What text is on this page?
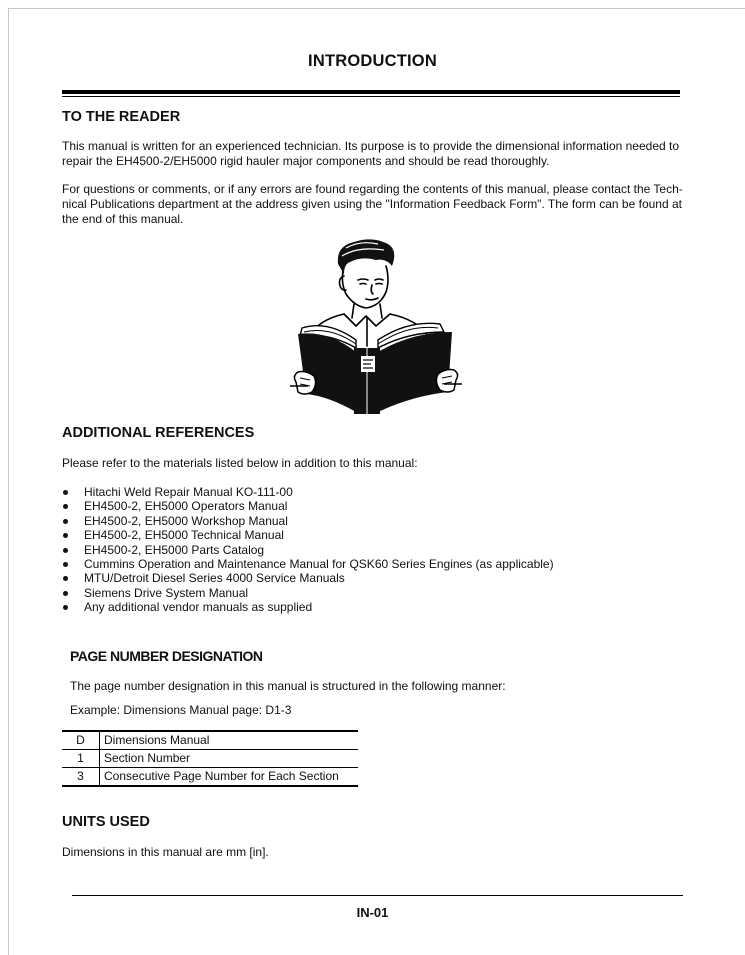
INTRODUCTION
TO THE READER
This manual is written for an experienced technician. Its purpose is to provide the dimensional information needed to
repair the EH4500-2/EH5000 rigid hauler major components and should be read thoroughly.
For questions or comments, or if any errors are found regarding the contents of this manual, please contact the Tech-
nical Publications department at the address given using the "Information Feedback Form". The form can be found at
the end of this manual.
ADDITIONAL REFERENCES
Please refer to the materials listed below in addition to this manual:
Hitachi Weld Repair Manual KO-111-00
EH4500-2, EH5000 Operators Manual
EH4500-2, EH5000 Workshop Manual
EH4500-2, EH5000 Technical Manual
EH4500-2, EH5000 Parts Catalog
Cummins Operation and Maintenance Manual for QSK60 Series Engines (as applicable)
MTU/Detroit Diesel Series 4000 Service Manuals
Siemens Drive System Manual
Any additional vendor manuals as supplied
PAGE NUMBER DESIGNATION
The page number designation in this manual is structured in the following manner:
Example: Dimensions Manual page: D1-3
D	Dimensions Manual
1	Section Number
3	Consecutive Page Number for Each Section
UNITS USED
Dimensions in this manual are mm [in].
IN-01
